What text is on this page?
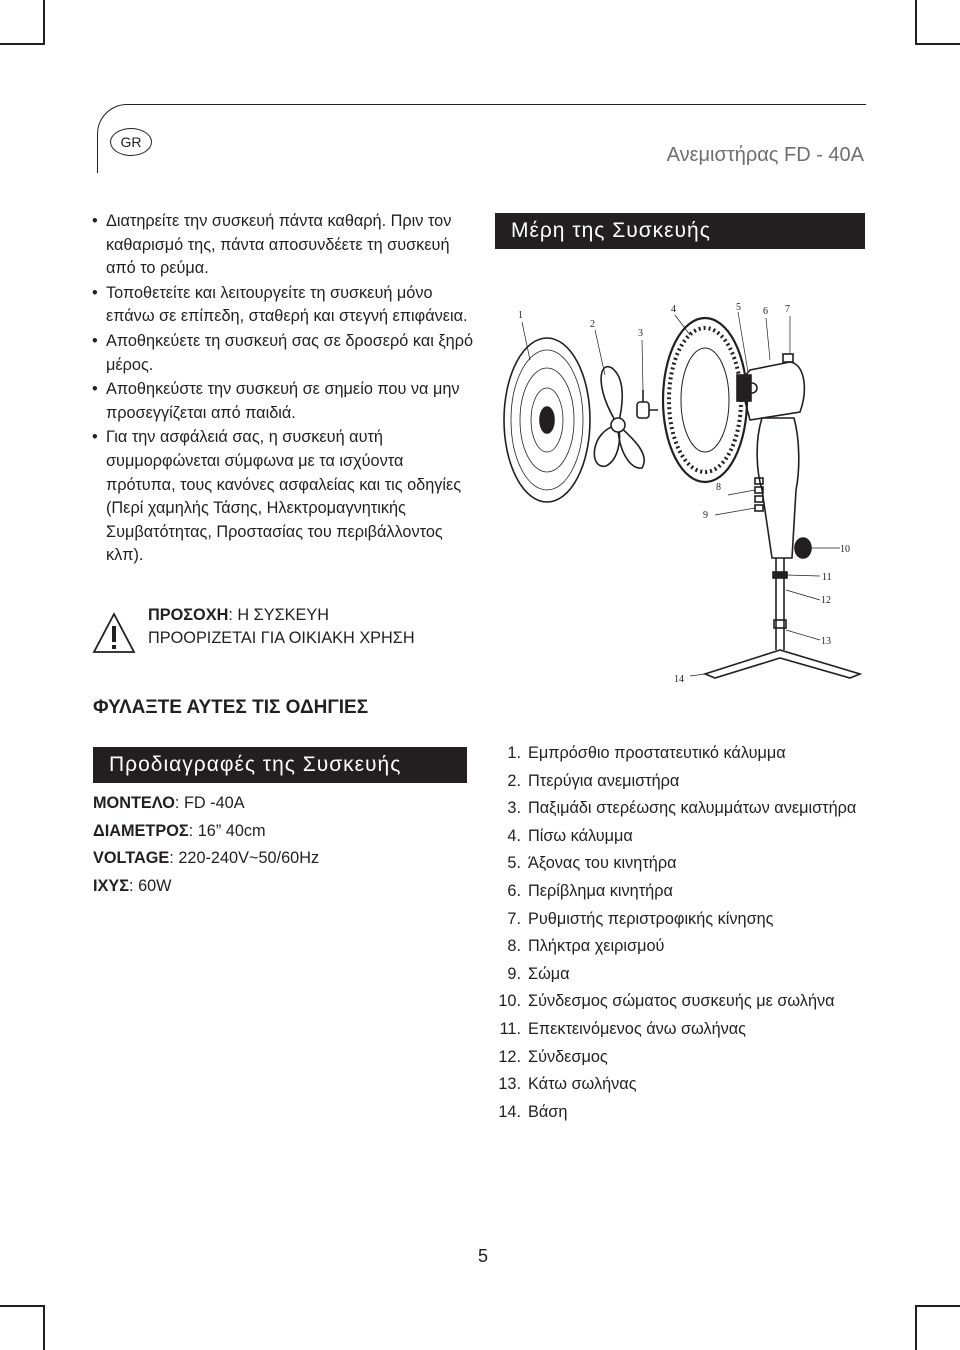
GR
Ανεμιστήρας FD - 40A
• Διατηρείτε την συσκευή πάντα καθαρή. Πριν τον καθαρισμό της, πάντα αποσυνδέετε τη συσκευή από το ρεύμα.
• Τοποθετείτε και λειτουργείτε τη συσκευή μόνο επάνω σε επίπεδη, σταθερή και στεγνή επιφάνεια.
• Αποθηκεύετε τη συσκευή σας σε δροσερό και ξηρό μέρος.
• Αποθηκεύστε την συσκευή σε σημείο που να μην προσεγγίζεται από παιδιά.
• Για την ασφάλειά σας, η συσκευή αυτή συμμορφώνεται σύμφωνα με τα ισχύοντα πρότυπα, τους κανόνες ασφαλείας και τις οδηγίες (Περί χαμηλής Τάσης, Ηλεκτρομαγνητικής Συμβατότητας, Προστασίας του περιβάλλοντος κλπ).
ΠΡΟΣΟΧΗ: Η ΣΥΣΚΕΥΗ
ΠΡΟΟΡΙΖΕΤΑΙ ΓΙΑ ΟΙΚΙΑΚΗ ΧΡΗΣΗ
ΦΥΛΑΞΤΕ ΑΥΤΕΣ ΤΙΣ ΟΔΗΓΙΕΣ
Προδιαγραφές της Συσκευής
ΜΟΝΤΕΛΟ: FD -40A
ΔΙΑΜΕΤΡΟΣ: 16” 40cm
VOLTAGE: 220-240V~50/60Hz
ΙΧΥΣ: 60W
Μέρη της Συσκευής
1
2
3
4	5 6 7
8
9
10
11
12
13
14
1. Εμπρόσθιο προστατευτικό κάλυμμα
2. Πτερύγια ανεμιστήρα
3. Παξιμάδι στερέωσης καλυμμάτων ανεμιστήρα
4. Πίσω κάλυμμα
5. Άξονας του κινητήρα
6. Περίβλημα κινητήρα
7. Ρυθμιστής περιστροφικής κίνησης
8. Πλήκτρα χειρισμού
9. Σώμα
10. Σύνδεσμος σώματος συσκευής με σωλήνα
11. Επεκτεινόμενος άνω σωλήνας
12. Σύνδεσμος
13. Κάτω σωλήνας
14. Βάση
5
